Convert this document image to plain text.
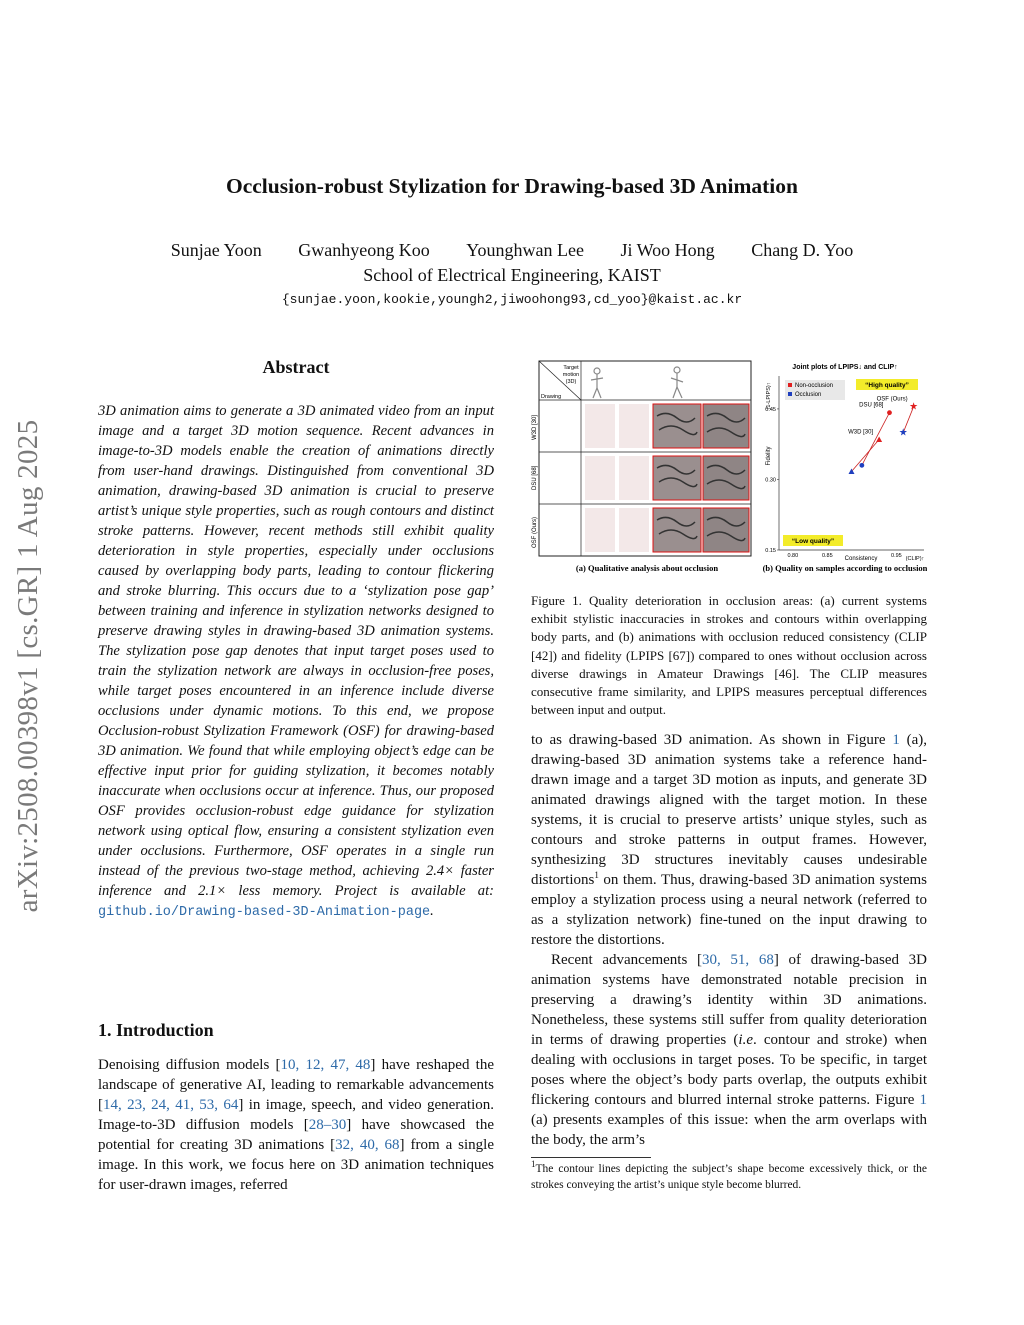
Occlusion-robust Stylization for Drawing-based 3D Animation
Sunjae Yoon Gwanhyeong Koo Younghwan Lee Ji Woo Hong Chang D. Yoo
School of Electrical Engineering, KAIST
{sunjae.yoon,kookie,youngh2,jiwoohong93,cd_yoo}@kaist.ac.kr
arXiv:2508.00398v1 [cs.GR] 1 Aug 2025
Abstract

3D animation aims to generate a 3D animated video from an input image and a target 3D motion sequence. Recent advances in image-to-3D models enable the creation of animations directly from user-hand drawings. Distinguished from conventional 3D animation, drawing-based 3D animation is crucial to preserve artist’s unique style properties, such as rough contours and distinct stroke patterns. However, recent methods still exhibit quality deterioration in style properties, especially under occlusions caused by overlapping body parts, leading to contour flickering and stroke blurring. This occurs due to a ‘stylization pose gap’ between training and inference in stylization networks designed to preserve drawing styles in drawing-based 3D animation systems. The stylization pose gap denotes that input target poses used to train the stylization network are always in occlusion-free poses, while target poses encountered in an inference include diverse occlusions under dynamic motions. To this end, we propose Occlusion-robust Stylization Framework (OSF) for drawing-based 3D animation. We found that while employing object’s edge can be effective input prior for guiding stylization, it becomes notably inaccurate when occlusions occur at inference. Thus, our proposed OSF provides occlusion-robust edge guidance for stylization network using optical flow, ensuring a consistent stylization even under occlusions. Furthermore, OSF operates in a single run instead of the previous two-stage method, achieving 2.4× faster inference and 2.1× less memory. Project is available at: github.io/Drawing-based-3D-Animation-page.

1. Introduction

Denoising diffusion models [10, 12, 47, 48] have reshaped the landscape of generative AI, leading to remarkable advancements [14, 23, 24, 41, 53, 64] in image, speech, and video generation. Image-to-3D diffusion models [28–30] have showcased the potential for creating 3D animations [32, 40, 68] from a single image. In this work, we focus here on 3D animation techniques for user-drawn images, referred

Target
motion
(3D)
Drawing
W3D [30]
DSU [68]
OSF (Ours)
(a) Qualitative analysis about occlusion
Joint plots of LPIPS↓ and CLIP↑
(1-LPIPS)↑
Fidelity
0.80	0.85	0.95
0.15
0.30
0.45
Consistency	(CLIP)↑
Non-occlusion
Occlusion
“High quality”
“Low quality”
W3D [30]
DSU [68]
★
★
OSF (Ours)
(b) Quality on samples according to occlusion

Figure 1. Quality deterioration in occlusion areas: (a) current systems exhibit stylistic inaccuracies in strokes and contours within overlapping body parts, and (b) animations with occlusion reduced consistency (CLIP [42]) and fidelity (LPIPS [67]) compared to ones without occlusion across diverse drawings in Amateur Drawings [46]. The CLIP measures consecutive frame similarity, and LPIPS measures perceptual differences between input and output.

to as drawing-based 3D animation. As shown in Figure 1 (a), drawing-based 3D animation systems take a reference hand-drawn image and a target 3D motion as inputs, and generate 3D animated drawings aligned with the target motion. In these systems, it is crucial to preserve artists’ unique styles, such as contours and stroke patterns in output frames. However, synthesizing 3D structures inevitably causes undesirable distortions$^1$ on them. Thus, drawing-based 3D animation systems employ a stylization process using a neural network (referred to as a stylization network) fine-tuned on the input drawing to restore the distortions.

Recent advancements [30, 51, 68] of drawing-based 3D animation systems have demonstrated notable precision in preserving a drawing’s identity within 3D animations. Nonetheless, these systems still suffer from quality deterioration in terms of drawing properties (i.e. contour and stroke) when dealing with occlusions in target poses. To be specific, in target poses where the object’s body parts overlap, the outputs exhibit flickering contours and blurred internal stroke patterns. Figure 1 (a) presents examples of this issue: when the arm overlaps with the body, the arm’s

$^1$The contour lines depicting the subject’s shape become excessively thick, or the strokes conveying the artist’s unique style become blurred.
